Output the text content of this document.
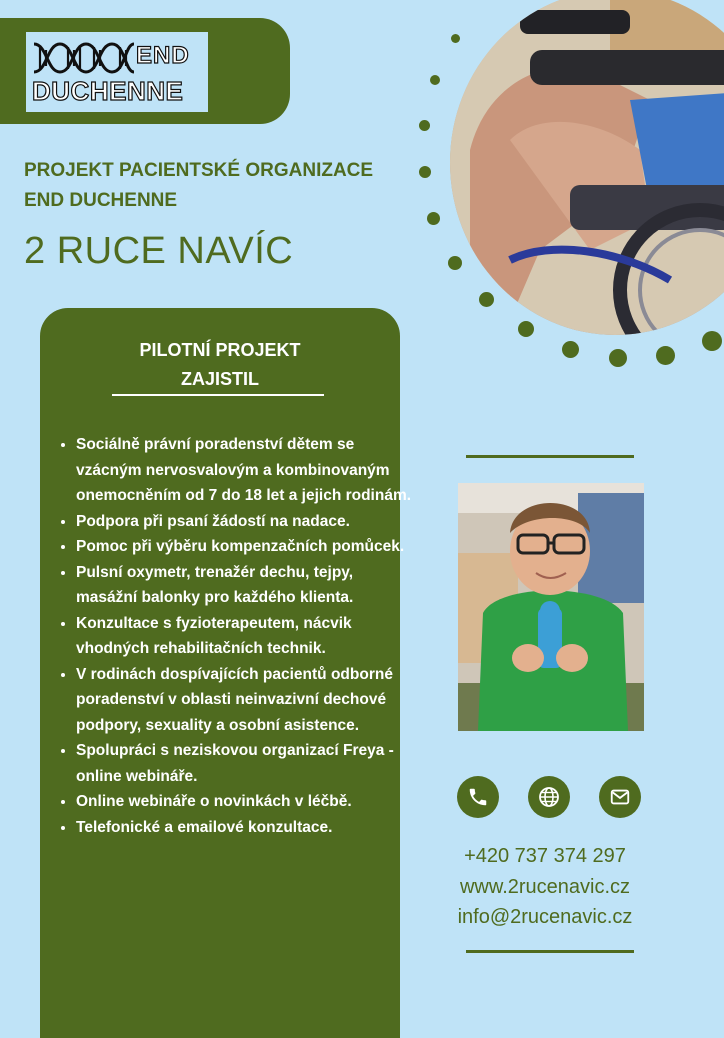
END
DUCHENNE
PROJEKT PACIENTSKÉ ORGANIZACE
END DUCHENNE
2 RUCE NAVÍC
PILOTNÍ PROJEKT
ZAJISTIL
• Sociálně právní poradenství dětem se vzácným nervosvalovým a kombinovaným onemocněním od 7 do 18 let a jejich rodinám.
• Podpora při psaní žádostí na nadace.
• Pomoc při výběru kompenzačních pomůcek.
• Pulsní oxymetr, trenažér dechu, tejpy, masážní balonky pro každého klienta.
• Konzultace s fyzioterapeutem, nácvik vhodných rehabilitačních technik.
• V rodinách dospívajících pacientů odborné poradenství v oblasti neinvazivní dechové podpory, sexuality a osobní asistence.
• Spolupráci s neziskovou organizací Freya - online webináře.
• Online webináře o novinkách v léčbě.
• Telefonické a emailové konzultace.
+420 737 374 297
www.2rucenavic.cz
info@2rucenavic.cz
